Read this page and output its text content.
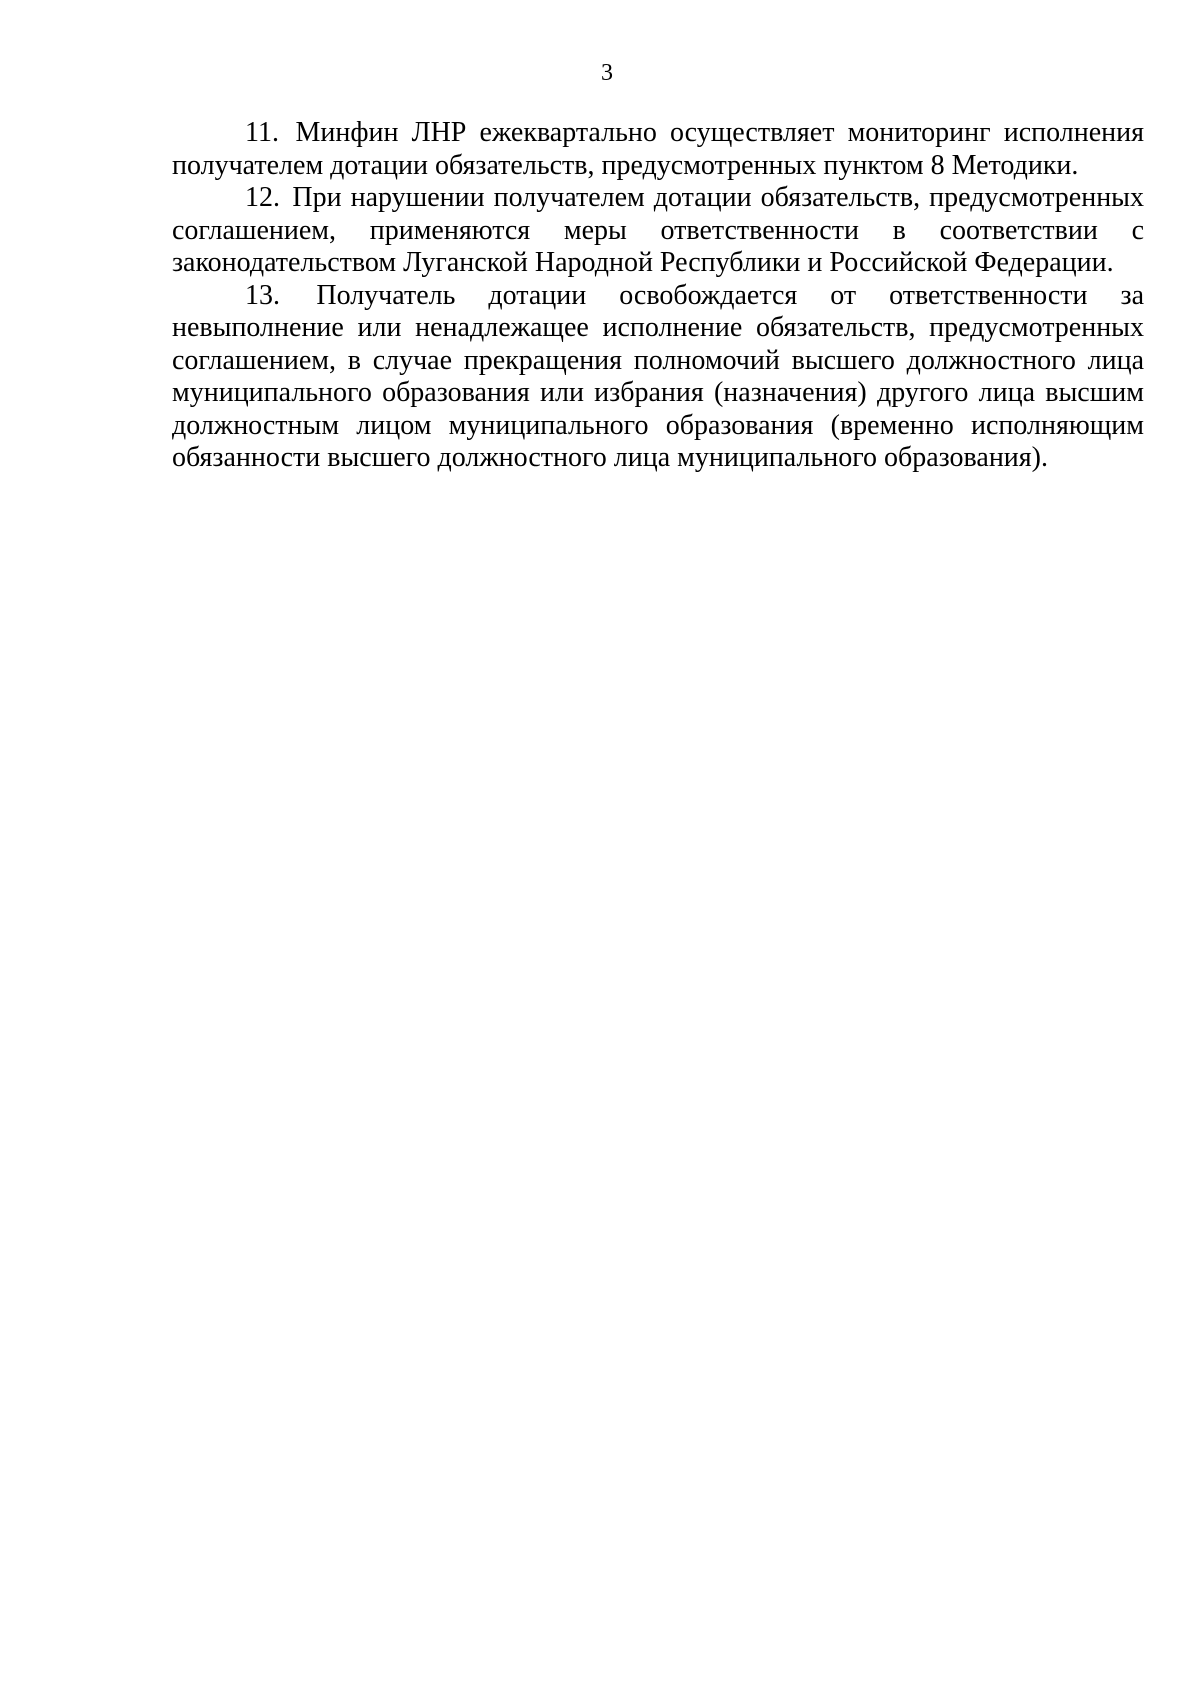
3

11. Минфин ЛНР ежеквартально осуществляет мониторинг исполнения получателем дотации обязательств, предусмотренных пунктом 8 Методики.

12. При нарушении получателем дотации обязательств, предусмотренных соглашением, применяются меры ответственности в соответствии с законодательством Луганской Народной Республики и Российской Федерации.

13. Получатель дотации освобождается от ответственности за невыполнение или ненадлежащее исполнение обязательств, предусмотренных соглашением, в случае прекращения полномочий высшего должностного лица муниципального образования или избрания (назначения) другого лица высшим должностным лицом муниципального образования (временно исполняющим обязанности высшего должностного лица муниципального образования).
